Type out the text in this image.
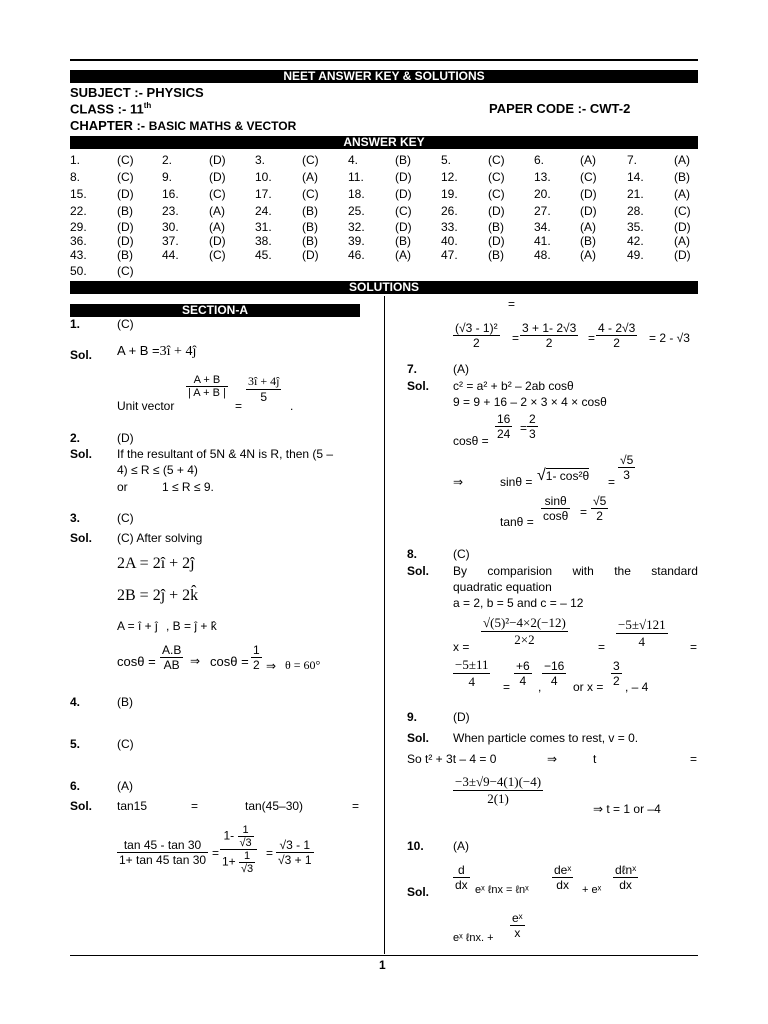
NEET ANSWER KEY & SOLUTIONS
SUBJECT :- PHYSICS
CLASS :- 11th	PAPER CODE :- CWT-2
CHAPTER :- BASIC MATHS & VECTOR
ANSWER KEY
1.	(C) 2.	(D) 3.	(C) 4.	(B)	5.	(C) 6.	(A)	7.	(A)
8.	(C) 9.	(D) 10.	(A)	11.	(D) 12.	(C) 13. (C)	14.	(B)
15.	(D) 16.	(C) 17.	(C) 18.	(D) 19.	(C) 20. (D)	21.	(A)
22.	(B) 23.	(A)	24.	(B)	25.	(C) 26.	(D) 27. (D)	28.	(C)
29.	(D) 30.	(A)	31.	(B)	32.	(D) 33.	(B)	34. (A)	35.	(D)
36.	(D) 37.	(D) 38.	(B)	39.	(B)	40.	(D) 41. (B)	42.	(A)
43.	(B) 44.	(C) 45.	(D) 46.	(A)	47.	(B)	48. (A)	49.	(D)
50.	(C)
SOLUTIONS
1
SECTION-A
1.	(C)
Sol. A + B =3î + 4ĵ
$\frac{A + B}{| A + B |} \frac{3î + 4ĵ}{5}$
Unit vector	=	.
2.	(D)
Sol. If the resultant of 5N & 4N is R, then (5 –
4) ≤ R ≤ (5 + 4)
or	1 ≤ R ≤ 9.
3.	(C)
Sol. (C) After solving
2A = 2î + 2ĵ
2B = 2ĵ + 2k̂
A = î + ĵ , B = ĵ + k̂
$\cos\theta = \frac{A.B}{AB}$ ⇒ $\cos\theta = \frac{1}{2}$ ⇒ θ = 60°
4.	(B)
5.	(C)
6.	(A)
Sol. tan15	=	tan(45–30)	=
$\frac{\tan 45 - \tan 30}{1+ \tan 45 \tan 30}$ =
$1- \frac{1}{√3}$
$1+ \frac{1}{√3} = \frac{√3 - 1}{√3 + 1}$
=
$\frac{\text{(√3 - 1)²}}{2} = \frac{3 + 1- 2√3}{2} = \frac{4 - 2√3}{2} = 2 - √3$
7.	(A)
Sol. c² = a² + b² – 2ab cosθ
9 = 9 + 16 – 2 × 3 × 4 × cosθ
$\cos\theta = \frac{16}{24} = \frac{2}{3}$
⇒	sinθ = √1- $\cos^2\theta = \frac{√5}{3}$
$\tan\theta = \frac{\sin\theta}{\cos\theta} = \frac{√5}{2}$
8.	(C)
Sol. By comparision with the standard
quadratic equation
a = 2, b = 5 and c = – 12
$x = \frac{\text{√(5)²−4×2(−12)}}{2\times 2}$	= $\frac{-5\pm√121}{4}$ =
$\frac{-5\pm 11}{4} = \frac{+6}{4}$ , $\frac{-16}{4}$ or $x = \frac{3}{2}$ , – 4
9.	(D)
Sol. When particle comes to rest, v = 0.
So t² + 3t – 4 = 0	⇒	t	=
$\frac{-3\pm√9-4(1)(-4)}{2(1)}$
⇒ t = 1 or –4
10. (A)
$\frac{d}{dx}$
Sol.	eˣ ℓnx = ℓnˣ $\frac{\text{deˣ}}{dx}$ + eˣ $\frac{\text{dℓnˣ}}{dx}$
eˣ ℓnx. + $\frac{\text{eˣ}}{x}$
